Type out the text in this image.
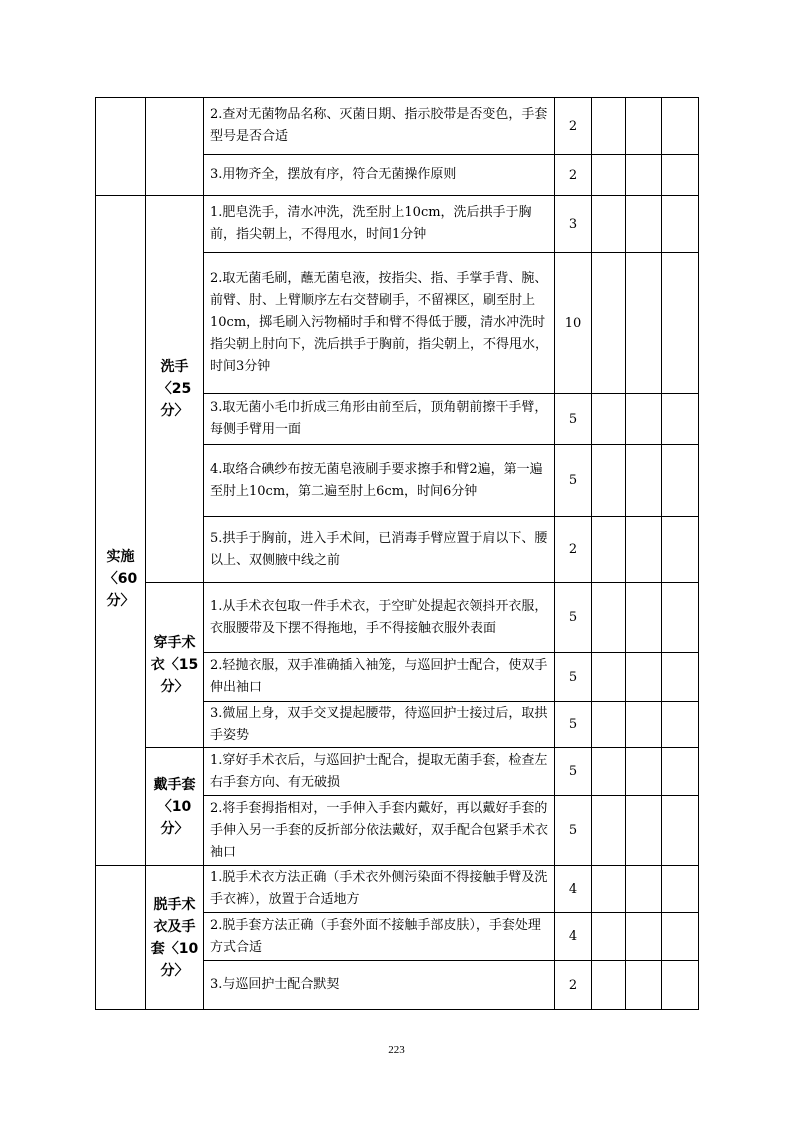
		2.查对无菌物品名称、灭菌日期、指示胶带是否变色，手套型号是否合适	2			
		3.用物齐全，摆放有序，符合无菌操作原则	2			

实施〈60分〉	洗手〈25分〉	1.肥皂洗手，清水冲洗，洗至肘上10cm，洗后拱手于胸前，指尖朝上，不得甩水，时间1分钟	3			
		2.取无菌毛刷，蘸无菌皂液，按指尖、指、手掌手背、腕、前臂、肘、上臂顺序左右交替刷手，不留裸区，刷至肘上10cm，掷毛刷入污物桶时手和臂不得低于腰，清水冲洗时指尖朝上肘向下，洗后拱手于胸前，指尖朝上，不得甩水，时间3分钟	10			
		3.取无菌小毛巾折成三角形由前至后，顶角朝前擦干手臂，每侧手臂用一面	5			
		4.取络合碘纱布按无菌皂液刷手要求擦手和臂2遍，第一遍至肘上10cm，第二遍至肘上6cm，时间6分钟	5			
		5.拱手于胸前，进入手术间，已消毒手臂应置于肩以下、腰以上、双侧腋中线之前	2			

	穿手术衣〈15分〉	1.从手术衣包取一件手术衣，于空旷处提起衣领抖开衣服，衣服腰带及下摆不得拖地，手不得接触衣服外表面	5			
		2.轻抛衣服，双手准确插入袖笼，与巡回护士配合，使双手伸出袖口	5			
		3.微屈上身，双手交叉提起腰带，待巡回护士接过后，取拱手姿势	5			

	戴手套〈10分〉	1.穿好手术衣后，与巡回护士配合，提取无菌手套，检查左右手套方向、有无破损	5			
		2.将手套拇指相对，一手伸入手套内戴好，再以戴好手套的手伸入另一手套的反折部分依法戴好，双手配合包紧手术衣袖口	5			

	脱手术衣及手套〈10分〉	1.脱手术衣方法正确（手术衣外侧污染面不得接触手臂及洗手衣裤），放置于合适地方	4			
		2.脱手套方法正确（手套外面不接触手部皮肤），手套处理方式合适	4			
		3.与巡回护士配合默契	2			
223
